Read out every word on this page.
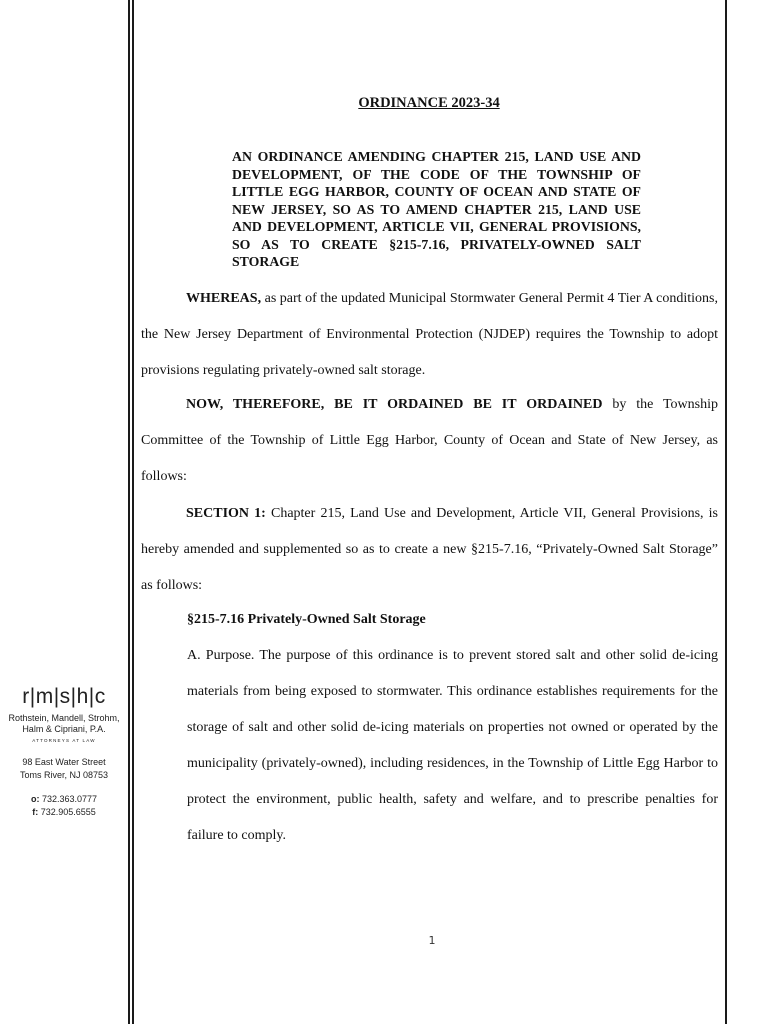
ORDINANCE 2023-34
AN ORDINANCE AMENDING CHAPTER 215, LAND USE AND DEVELOPMENT, OF THE CODE OF THE TOWNSHIP OF LITTLE EGG HARBOR, COUNTY OF OCEAN AND STATE OF NEW JERSEY, SO AS TO AMEND CHAPTER 215, LAND USE AND DEVELOPMENT, ARTICLE VII, GENERAL PROVISIONS, SO AS TO CREATE §215-7.16, PRIVATELY-OWNED SALT STORAGE
WHEREAS, as part of the updated Municipal Stormwater General Permit 4 Tier A conditions, the New Jersey Department of Environmental Protection (NJDEP) requires the Township to adopt provisions regulating privately-owned salt storage.
NOW, THEREFORE, BE IT ORDAINED BE IT ORDAINED by the Township Committee of the Township of Little Egg Harbor, County of Ocean and State of New Jersey, as follows:
SECTION 1: Chapter 215, Land Use and Development, Article VII, General Provisions, is hereby amended and supplemented so as to create a new §215-7.16, “Privately-Owned Salt Storage” as follows:
§215-7.16 Privately-Owned Salt Storage
A. Purpose. The purpose of this ordinance is to prevent stored salt and other solid de-icing materials from being exposed to stormwater. This ordinance establishes requirements for the storage of salt and other solid de-icing materials on properties not owned or operated by the municipality (privately-owned), including residences, in the Township of Little Egg Harbor to protect the environment, public health, safety and welfare, and to prescribe penalties for failure to comply.
r|m|s|h|c
Rothstein, Mandell, Strohm,
Halm & Cipriani, P.A.
ATTORNEYS AT LAW
98 East Water Street
Toms River, NJ 08753
o: 732.363.0777
f: 732.905.6555
1
